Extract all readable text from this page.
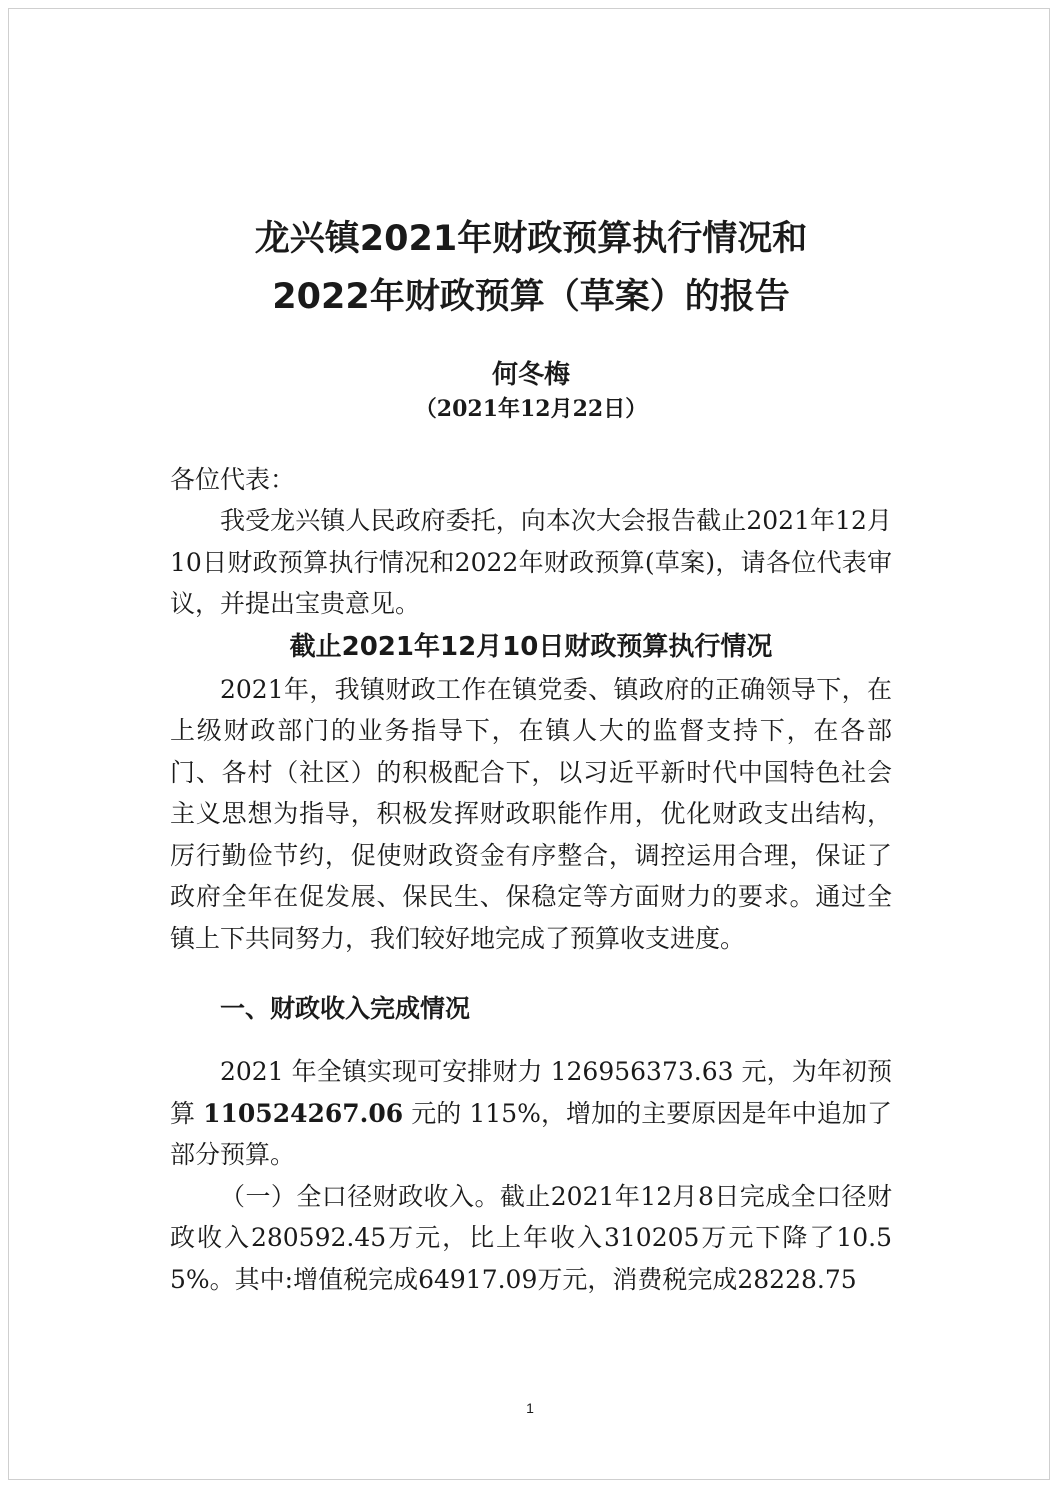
龙兴镇2021年财政预算执行情况和
2022年财政预算（草案）的报告
何冬梅
（2021年12月22日）
各位代表：

我受龙兴镇人民政府委托，向本次大会报告截止2021年12月10日财政预算执行情况和2022年财政预算(草案)，请各位代表审议，并提出宝贵意见。

截止2021年12月10日财政预算执行情况

2021年，我镇财政工作在镇党委、镇政府的正确领导下，在上级财政部门的业务指导下，在镇人大的监督支持下，在各部门、各村（社区）的积极配合下，以习近平新时代中国特色社会主义思想为指导，积极发挥财政职能作用，优化财政支出结构，厉行勤俭节约，促使财政资金有序整合，调控运用合理，保证了政府全年在促发展、保民生、保稳定等方面财力的要求。通过全镇上下共同努力，我们较好地完成了预算收支进度。

一、财政收入完成情况

2021 年全镇实现可安排财力 126956373.63 元，为年初预算 110524267.06 元的 115%，增加的主要原因是年中追加了部分预算。

（一）全口径财政收入。截止2021年12月8日完成全口径财政收入280592.45万元，比上年收入310205万元下降了10.55%。其中:增值税完成64917.09万元，消费税完成28228.75

1
